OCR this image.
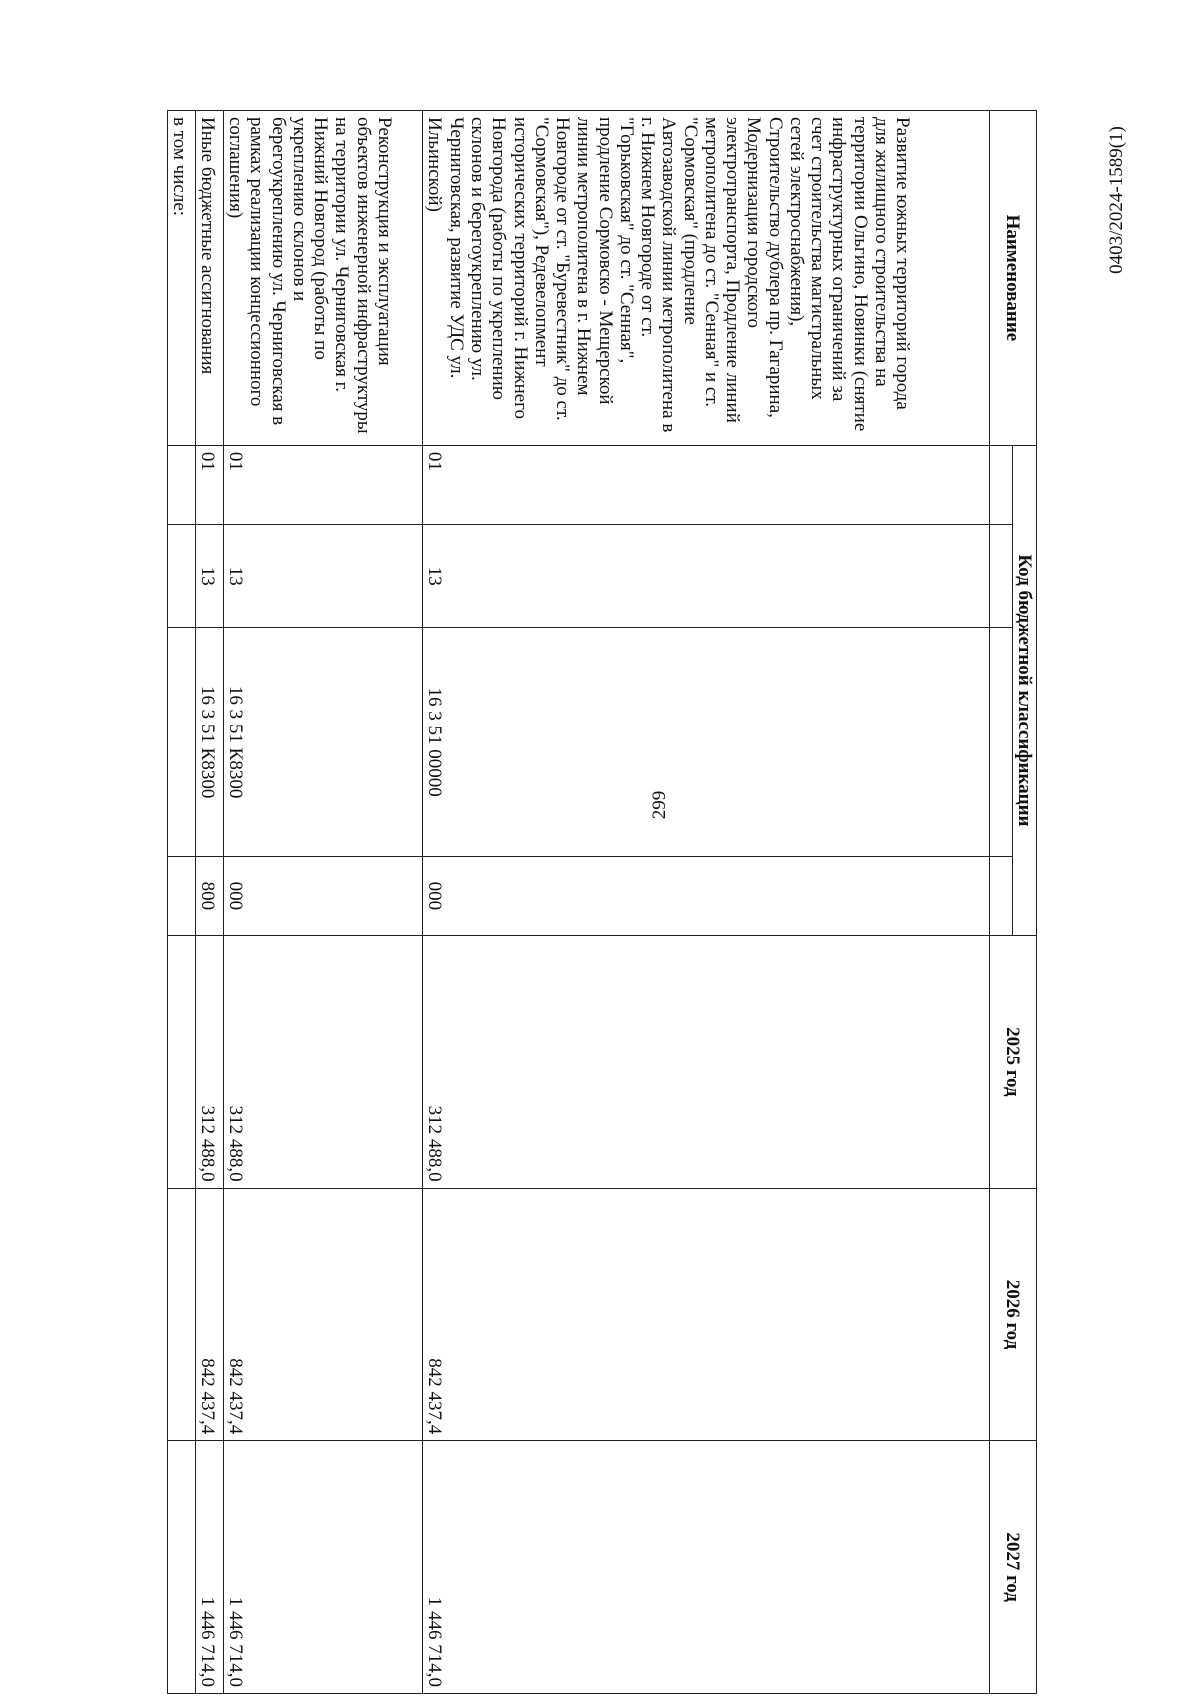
299
0403/2024-1589(1)
Наименование	Код бюджетной классификации				2025 год	2026 год	2027 год

Развитие южных территорий города для жилищного строительства на территории Ольгино, Новинки (снятие инфраструктурных ограничений за счет строительства магистральных сетей электроснабжения), Строительство дублера пр. Гагарина, Модернизация городского электротранспорта, Продление линий метрополитена до ст. "Сенная" и ст. "Сормовская" (продление Автозаводской линии метрополитена в г. Нижнем Новгороде от ст. "Горьковская" до ст. "Сенная", продление Сормовско - Мещерской линии метрополитена в г. Нижнем Новгороде от ст. "Буревестник" до ст. "Сормовская"), Редевелопмент исторических территорий г. Нижнего Новгорода (работы по укреплению склонов и берегоукреплению ул. Черниговская, развитие УДС ул. Ильинской)	01	13	16 3 51 00000	000	312 488,0	842 437,4	1 446 714,0
Реконструкция и эксплуатация объектов инженерной инфраструктуры на территории ул. Черниговская г. Нижний Новгород (работы по укреплению склонов и берегоукреплению ул. Черниговская в рамках реализации концессионного соглашения)	01	13	16 3 51 К8300	000	312 488,0	842 437,4	1 446 714,0
Иные бюджетные ассигнования	01	13	16 3 51 К8300	800	312 488,0	842 437,4	1 446 714,0
в том числе:							
